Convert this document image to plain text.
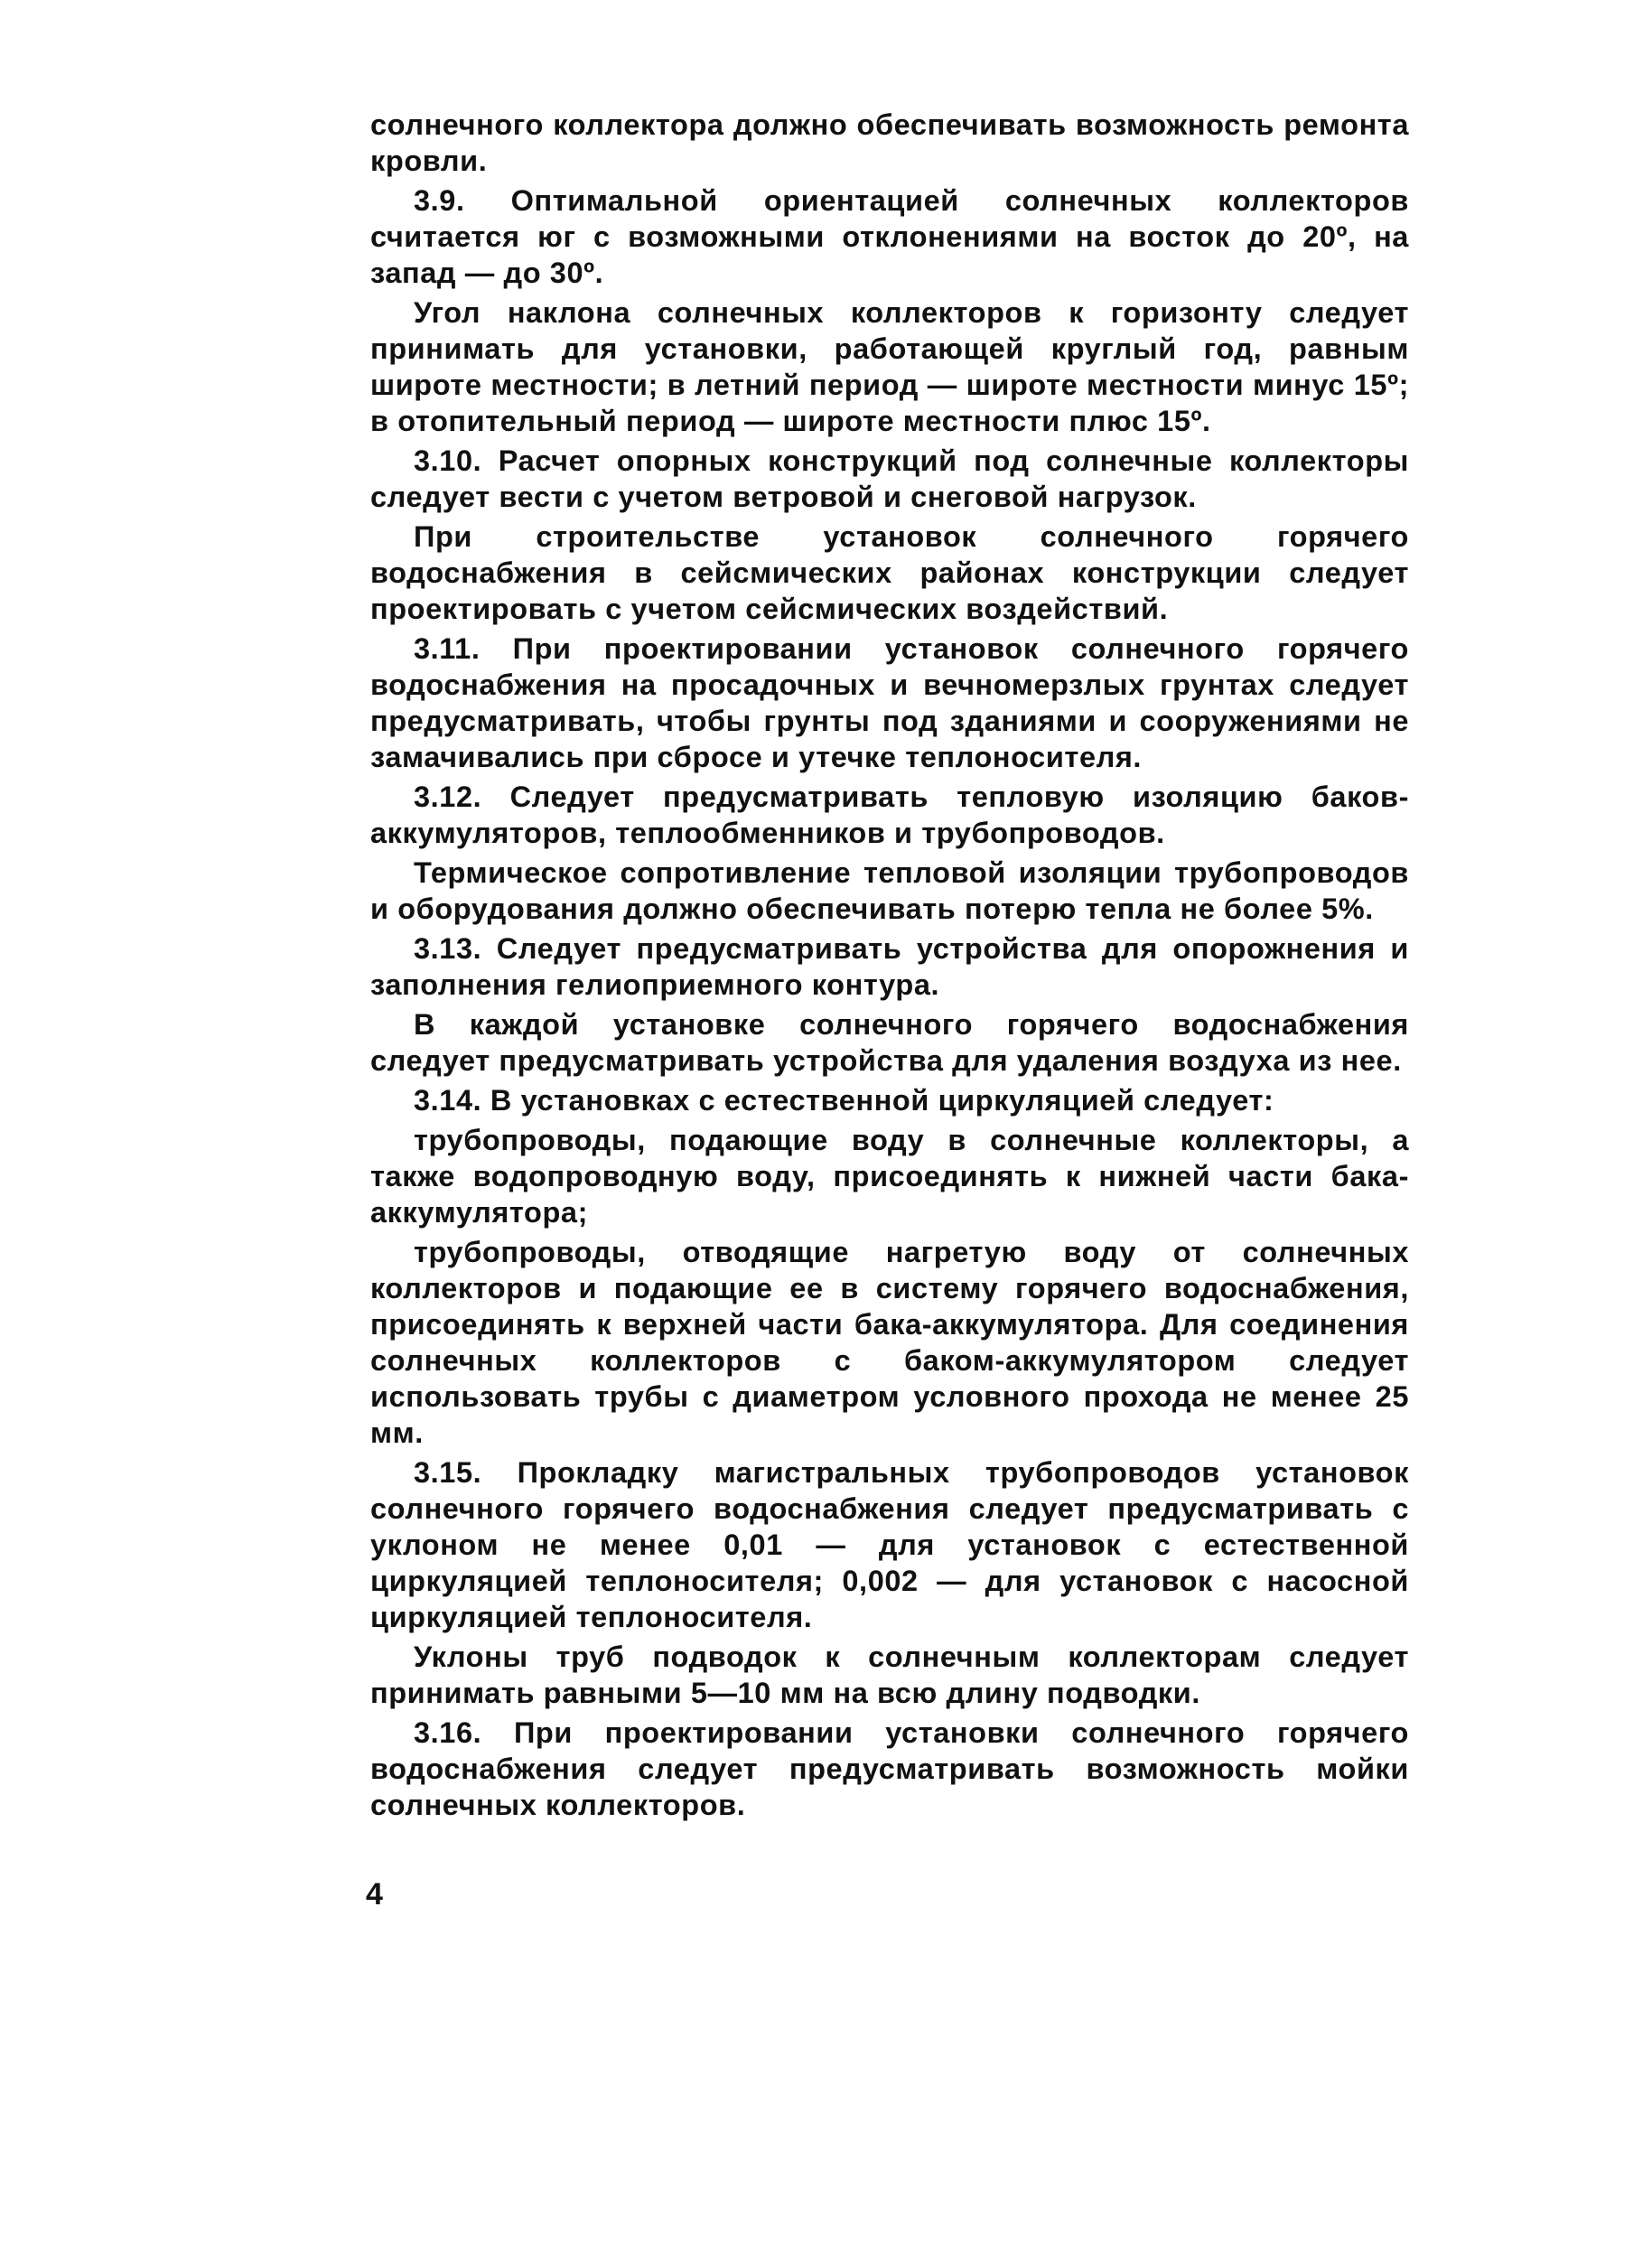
солнечного коллектора должно обеспечивать возможность ремонта кровли.

3.9. Оптимальной ориентацией солнечных коллекторов считается юг с возможными отклонениями на восток до 20º, на запад — до 30º.

Угол наклона солнечных коллекторов к горизонту следует принимать для установки, работающей круглый год, равным широте местности; в летний период — широте местности минус 15º; в отопительный период — широте местности плюс 15º.

3.10. Расчет опорных конструкций под солнечные коллекторы следует вести с учетом ветровой и снеговой нагрузок.

При строительстве установок солнечного горячего водоснабжения в сейсмических районах конструкции следует проектировать с учетом сейсмических воздействий.

3.11. При проектировании установок солнечного горячего водоснабжения на просадочных и вечномерзлых грунтах следует предусматривать, чтобы грунты под зданиями и сооружениями не замачивались при сбросе и утечке теплоносителя.

3.12. Следует предусматривать тепловую изоляцию баков-аккумуляторов, теплообменников и трубопроводов.

Термическое сопротивление тепловой изоляции трубопроводов и оборудования должно обеспечивать потерю тепла не более 5%.

3.13. Следует предусматривать устройства для опорожнения и заполнения гелиоприемного контура.

В каждой установке солнечного горячего водоснабжения следует предусматривать устройства для удаления воздуха из нее.

3.14. В установках с естественной циркуляцией следует:

трубопроводы, подающие воду в солнечные коллекторы, а также водопроводную воду, присоединять к нижней части бака-аккумулятора;

трубопроводы, отводящие нагретую воду от солнечных коллекторов и подающие ее в систему горячего водоснабжения, присоединять к верхней части бака-аккумулятора. Для соединения солнечных коллекторов с баком-аккумулятором следует использовать трубы с диаметром условного прохода не менее 25 мм.

3.15. Прокладку магистральных трубопроводов установок солнечного горячего водоснабжения следует предусматривать с уклоном не менее 0,01 — для установок с естественной циркуляцией теплоносителя; 0,002 — для установок с насосной циркуляцией теплоносителя.

Уклоны труб подводок к солнечным коллекторам следует принимать равными 5—10 мм на всю длину подводки.

3.16. При проектировании установки солнечного горячего водоснабжения следует предусматривать возможность мойки солнечных коллекторов.

4
